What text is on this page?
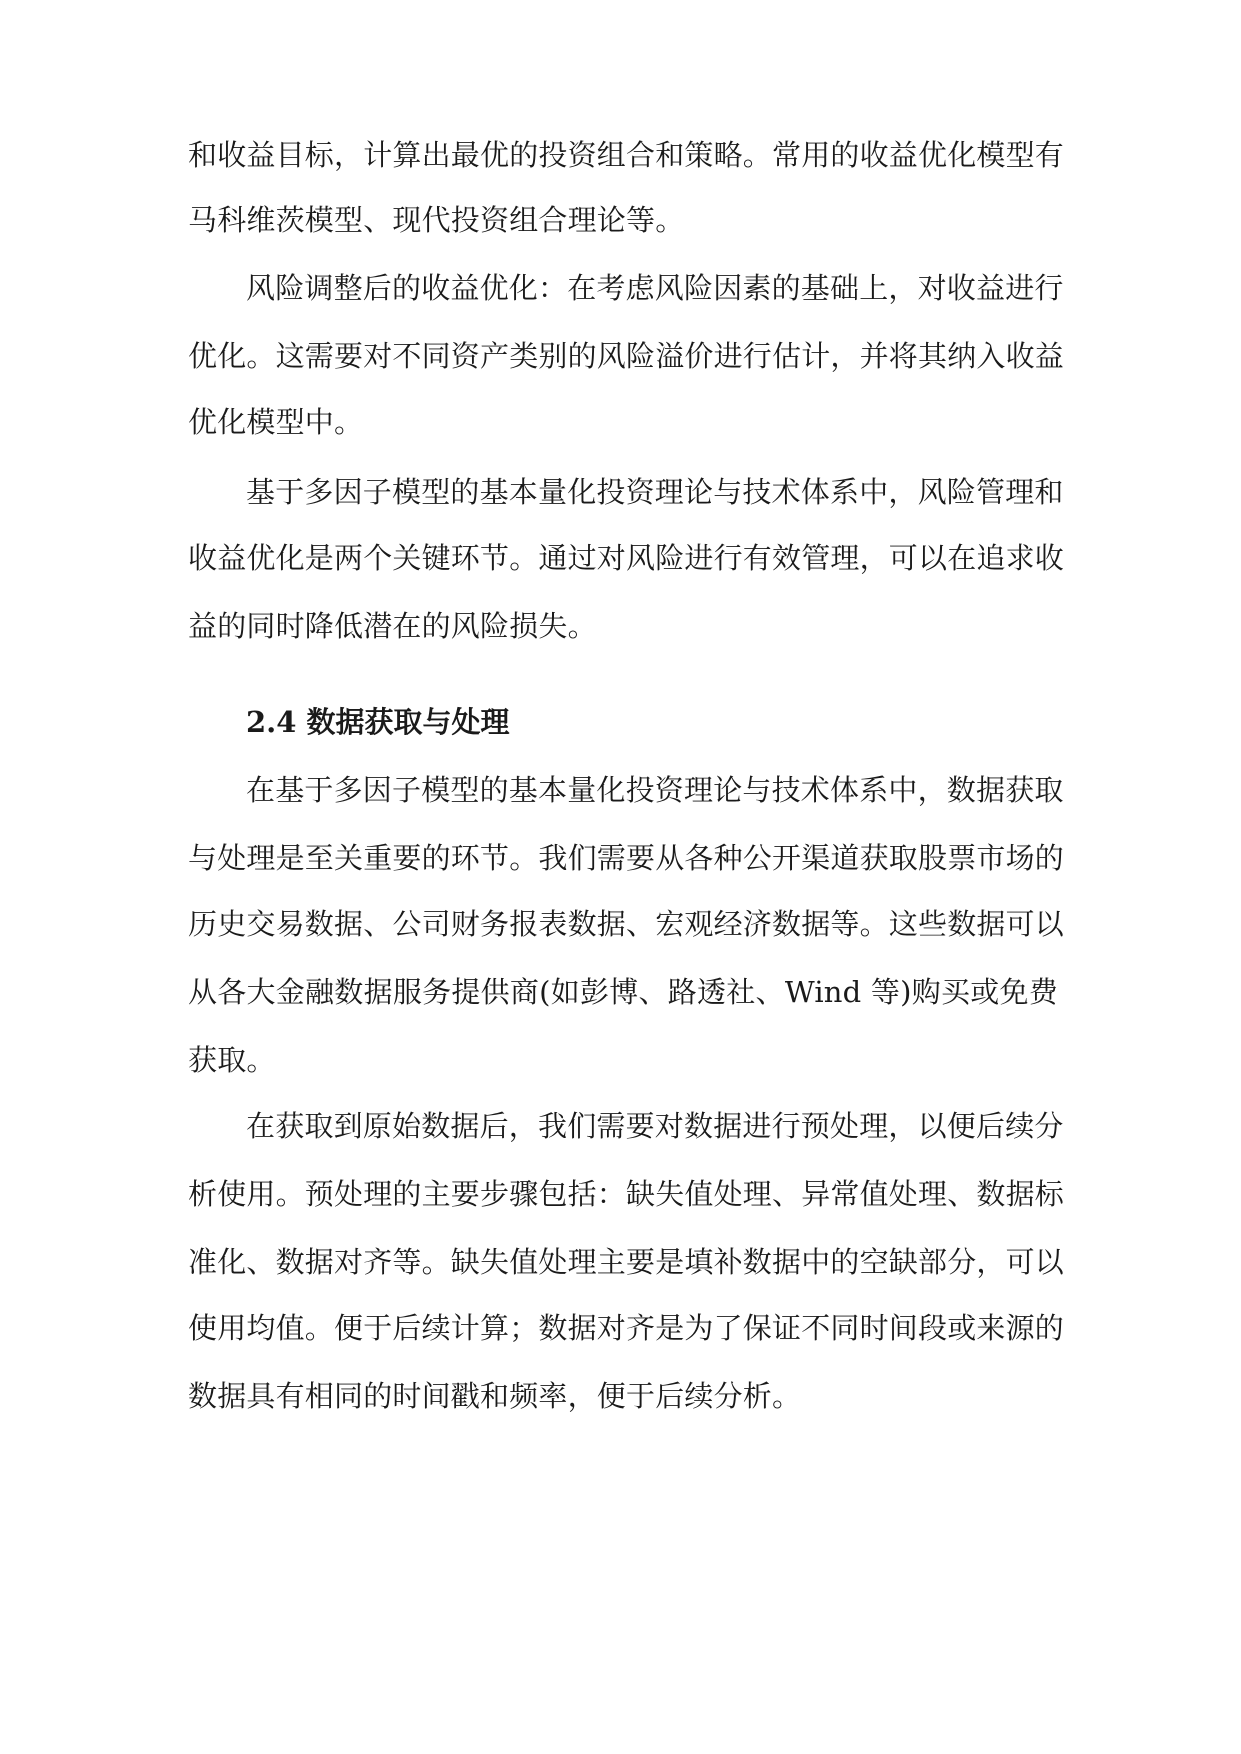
和收益目标，计算出最优的投资组合和策略。常用的收益优化模型有
马科维茨模型、现代投资组合理论等。
风险调整后的收益优化：在考虑风险因素的基础上，对收益进行
优化。这需要对不同资产类别的风险溢价进行估计，并将其纳入收益
优化模型中。
基于多因子模型的基本量化投资理论与技术体系中，风险管理和
收益优化是两个关键环节。通过对风险进行有效管理，可以在追求收
益的同时降低潜在的风险损失。
2.4 数据获取与处理
在基于多因子模型的基本量化投资理论与技术体系中，数据获取
与处理是至关重要的环节。我们需要从各种公开渠道获取股票市场的
历史交易数据、公司财务报表数据、宏观经济数据等。这些数据可以
从各大金融数据服务提供商(如彭博、路透社、Wind 等)购买或免费
获取。
在获取到原始数据后，我们需要对数据进行预处理，以便后续分
析使用。预处理的主要步骤包括：缺失值处理、异常值处理、数据标
准化、数据对齐等。缺失值处理主要是填补数据中的空缺部分，可以
使用均值。便于后续计算；数据对齐是为了保证不同时间段或来源的
数据具有相同的时间戳和频率，便于后续分析。
